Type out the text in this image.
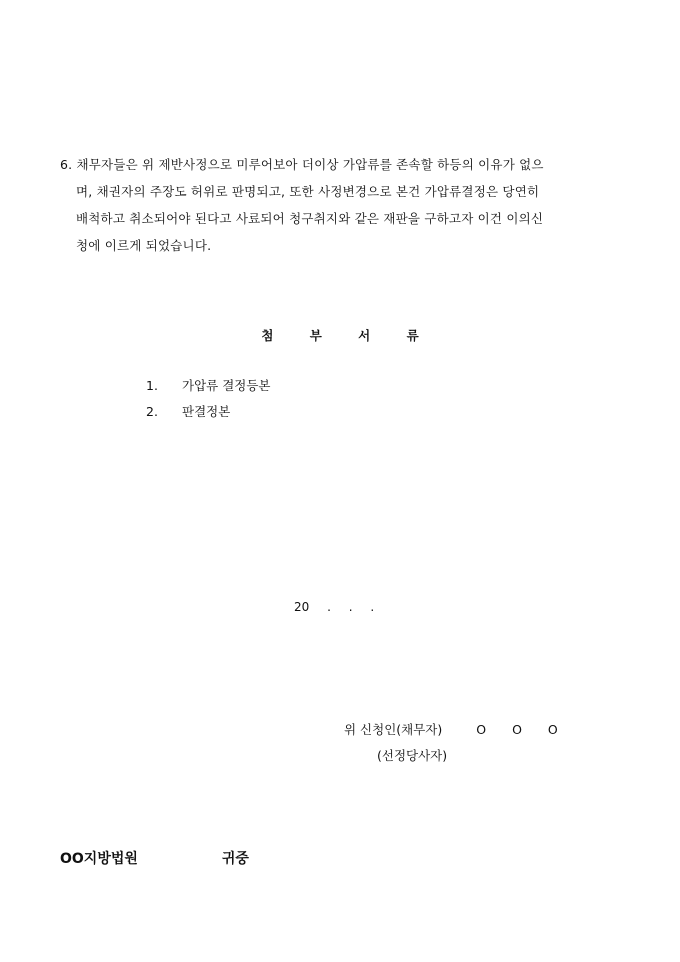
6. 채무자들은 위 제반사정으로 미루어보아 더이상 가압류를 존속할 하등의 이유가 없으
며, 채권자의 주장도 허위로 판명되고, 또한 사정변경으로 본건 가압류결정은 당연히
배척하고 취소되어야 된다고 사료되어 청구취지와 같은 재판을 구하고자 이건 이의신
청에 이르게 되었습니다.
첨 부 서 류
1. 가압류 결정등본
2. 판결정본
20 . . .
위 신청인(채무자)	O O O
(선정당사자)
OO지방법원	귀중
